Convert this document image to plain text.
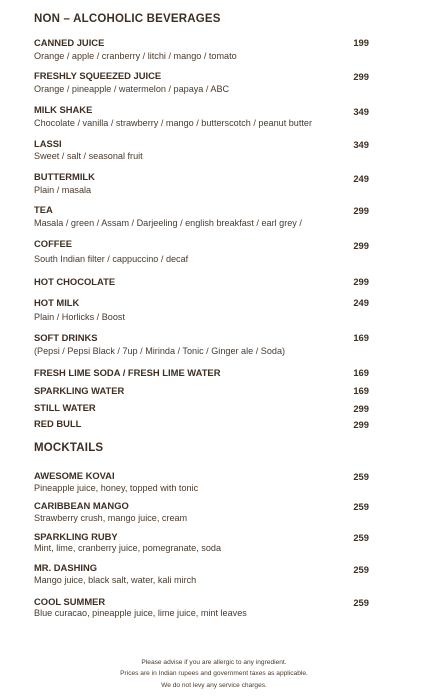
NON – ALCOHOLIC BEVERAGES
CANNED JUICE	199
Orange / apple / cranberry / litchi / mango / tomato
FRESHLY SQUEEZED JUICE	299
Orange / pineapple / watermelon / papaya / ABC
MILK SHAKE	349
Chocolate / vanilla / strawberry / mango / butterscotch / peanut butter
LASSI	349
Sweet / salt / seasonal fruit
BUTTERMILK	249
Plain / masala
TEA	299
Masala / green / Assam / Darjeeling / english breakfast / earl grey /
COFFEE	299
South Indian filter / cappuccino / decaf
HOT CHOCOLATE	299
HOT MILK	249
Plain / Horlicks / Boost
SOFT DRINKS	169
(Pepsi / Pepsi Black / 7up / Mirinda / Tonic / Ginger ale / Soda)
FRESH LIME SODA / FRESH LIME WATER	169
SPARKLING WATER	169
STILL WATER	299
RED BULL	299
MOCKTAILS
AWESOME KOVAI	259
Pineapple juice, honey, topped with tonic
CARIBBEAN MANGO	259
Strawberry crush, mango juice, cream
SPARKLING RUBY	259
Mint, lime, cranberry juice, pomegranate, soda
MR. DASHING	259
Mango juice, black salt, water, kali mirch
COOL SUMMER	259
Blue curacao, pineapple juice, lime juice, mint leaves
Please advise if you are allergic to any ingredient.
Prices are in Indian rupees and government taxes as applicable.
We do not levy any service charges.
